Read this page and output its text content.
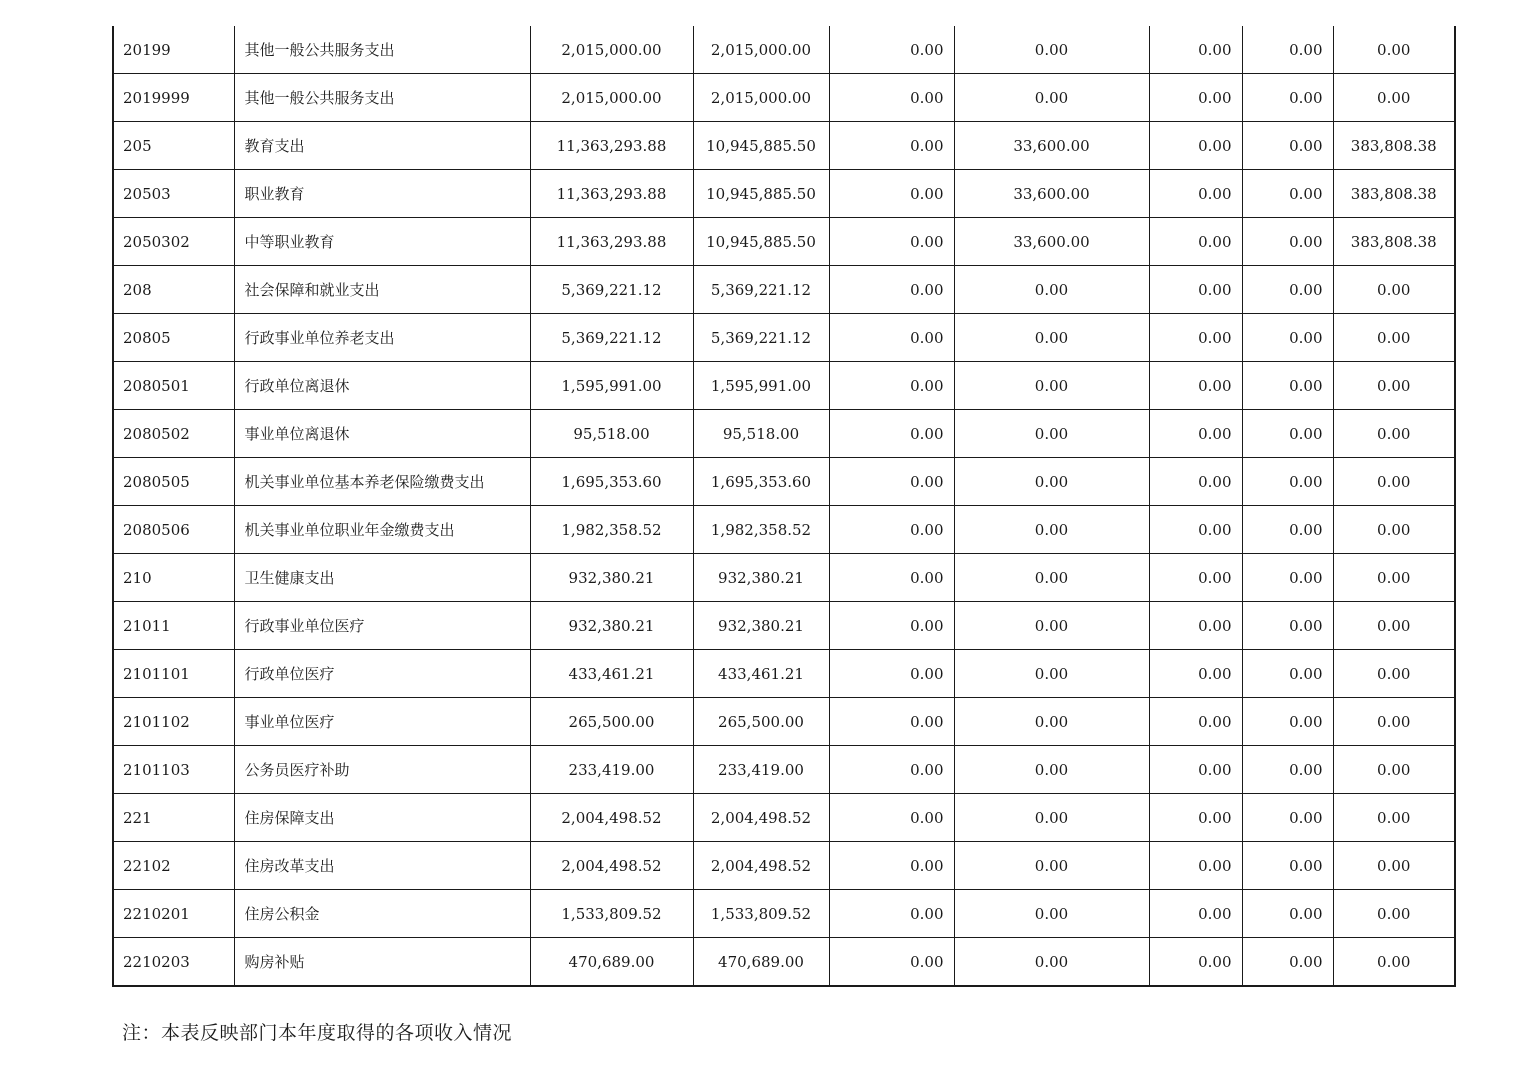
20199	其他一般公共服务支出	2,015,000.00	2,015,000.00	0.00	0.00	0.00	0.00	0.00
2019999	其他一般公共服务支出	2,015,000.00	2,015,000.00	0.00	0.00	0.00	0.00	0.00
205	教育支出	11,363,293.88	10,945,885.50	0.00	33,600.00	0.00	0.00	383,808.38
20503	职业教育	11,363,293.88	10,945,885.50	0.00	33,600.00	0.00	0.00	383,808.38
2050302	中等职业教育	11,363,293.88	10,945,885.50	0.00	33,600.00	0.00	0.00	383,808.38
208	社会保障和就业支出	5,369,221.12	5,369,221.12	0.00	0.00	0.00	0.00	0.00
20805	行政事业单位养老支出	5,369,221.12	5,369,221.12	0.00	0.00	0.00	0.00	0.00
2080501	行政单位离退休	1,595,991.00	1,595,991.00	0.00	0.00	0.00	0.00	0.00
2080502	事业单位离退休	95,518.00	95,518.00	0.00	0.00	0.00	0.00	0.00
2080505	机关事业单位基本养老保险缴费支出	1,695,353.60	1,695,353.60	0.00	0.00	0.00	0.00	0.00
2080506	机关事业单位职业年金缴费支出	1,982,358.52	1,982,358.52	0.00	0.00	0.00	0.00	0.00
210	卫生健康支出	932,380.21	932,380.21	0.00	0.00	0.00	0.00	0.00
21011	行政事业单位医疗	932,380.21	932,380.21	0.00	0.00	0.00	0.00	0.00
2101101	行政单位医疗	433,461.21	433,461.21	0.00	0.00	0.00	0.00	0.00
2101102	事业单位医疗	265,500.00	265,500.00	0.00	0.00	0.00	0.00	0.00
2101103	公务员医疗补助	233,419.00	233,419.00	0.00	0.00	0.00	0.00	0.00
221	住房保障支出	2,004,498.52	2,004,498.52	0.00	0.00	0.00	0.00	0.00
22102	住房改革支出	2,004,498.52	2,004,498.52	0.00	0.00	0.00	0.00	0.00
2210201	住房公积金	1,533,809.52	1,533,809.52	0.00	0.00	0.00	0.00	0.00
2210203	购房补贴	470,689.00	470,689.00	0.00	0.00	0.00	0.00	0.00
注：本表反映部门本年度取得的各项收入情况
